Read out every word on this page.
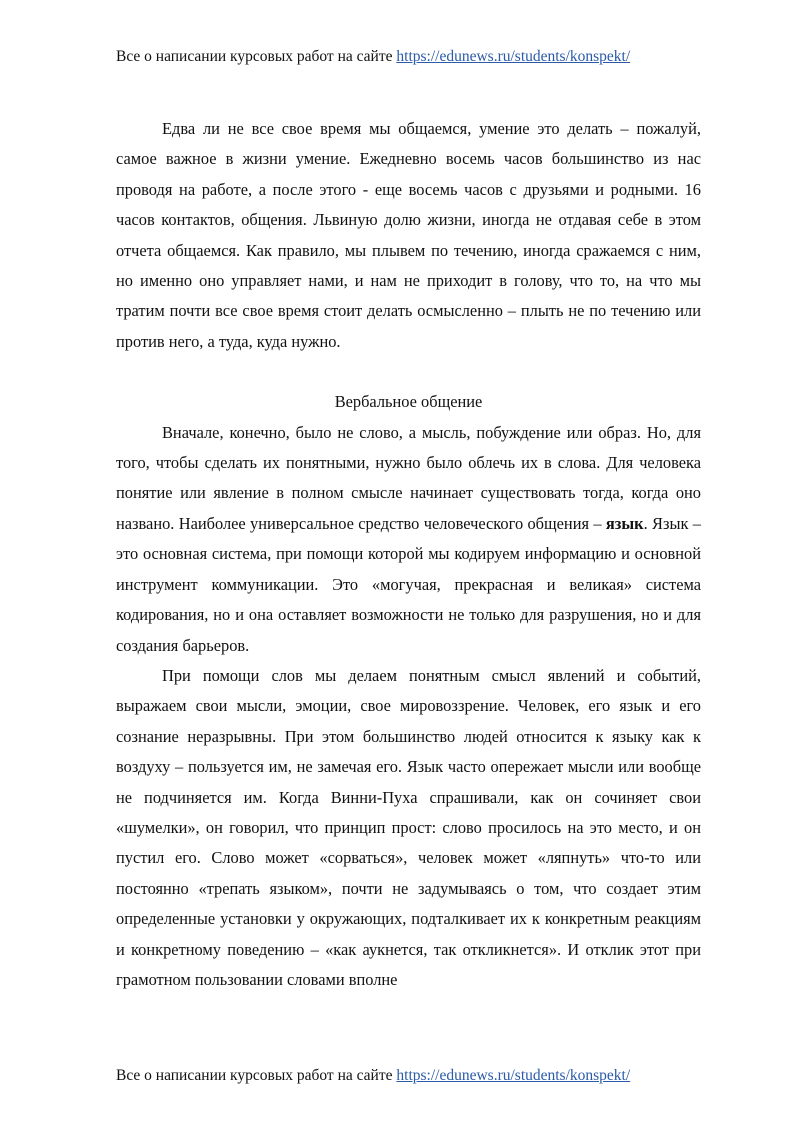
Все о написании курсовых работ на сайте https://edunews.ru/students/konspekt/

Едва ли не все свое время мы общаемся, умение это делать – пожалуй, самое важное в жизни умение. Ежедневно восемь часов большинство из нас проводя на работе, а после этого - еще восемь часов с друзьями и родными. 16 часов контактов, общения. Львиную долю жизни, иногда не отдавая себе в этом отчета общаемся. Как правило, мы плывем по течению, иногда сражаемся с ним, но именно оно управляет нами, и нам не приходит в голову, что то, на что мы тратим почти все свое время стоит делать осмысленно – плыть не по течению или против него, а туда, куда нужно.

Вербальное общение

Вначале, конечно, было не слово, а мысль, побуждение или образ. Но, для того, чтобы сделать их понятными, нужно было облечь их в слова. Для человека понятие или явление в полном смысле начинает существовать тогда, когда оно названо. Наиболее универсальное средство человеческого общения – язык. Язык – это основная система, при помощи которой мы кодируем информацию и основной инструмент коммуникации. Это «могучая, прекрасная и великая» система кодирования, но и она оставляет возможности не только для разрушения, но и для создания барьеров.

При помощи слов мы делаем понятным смысл явлений и событий, выражаем свои мысли, эмоции, свое мировоззрение. Человек, его язык и его сознание неразрывны. При этом большинство людей относится к языку как к воздуху – пользуется им, не замечая его. Язык часто опережает мысли или вообще не подчиняется им. Когда Винни-Пуха спрашивали, как он сочиняет свои «шумелки», он говорил, что принцип прост: слово просилось на это место, и он пустил его. Слово может «сорваться», человек может «ляпнуть» что-то или постоянно «трепать языком», почти не задумываясь о том, что создает этим определенные установки у окружающих, подталкивает их к конкретным реакциям и конкретному поведению – «как аукнется, так откликнется». И отклик этот при грамотном пользовании словами вполне

Все о написании курсовых работ на сайте https://edunews.ru/students/konspekt/
